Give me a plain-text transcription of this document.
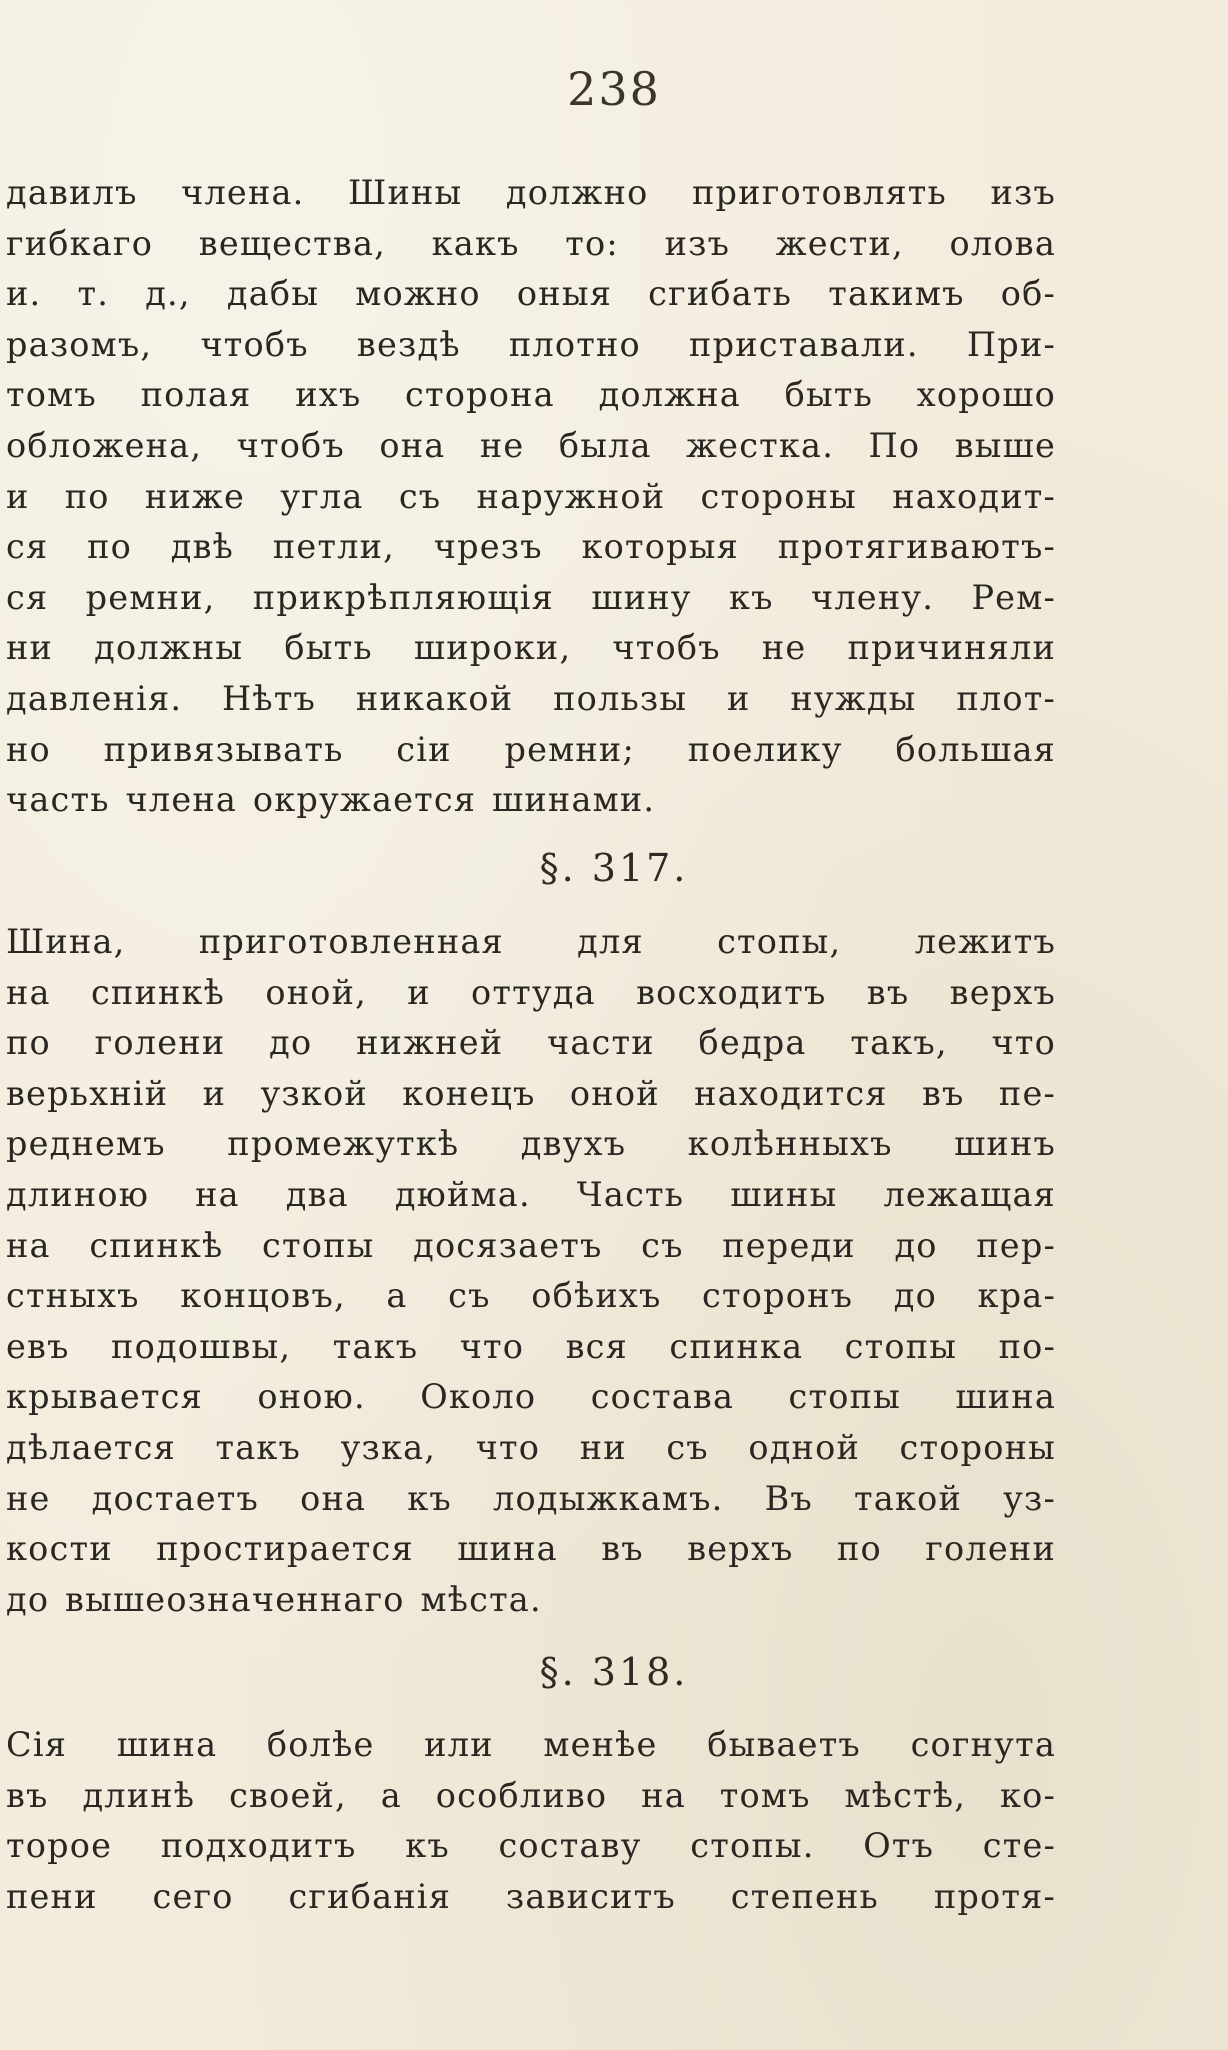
238
давилъ члена. Шины должно приготовлять изъ
гибкаго вещества, какъ то: изъ жести, олова
и. т. д., дабы можно оныя сгибать такимъ об-
разомъ, чтобъ вездѣ плотно приставали. При-
томъ полая ихъ сторона должна быть хорошо
обложена, чтобъ она не была жестка. По выше
и по ниже угла съ наружной стороны находит-
ся по двѣ петли, чрезъ которыя протягиваютъ-
ся ремни, прикрѣпляющія шину къ члену. Рем-
ни должны быть широки, чтобъ не причиняли
давленія. Нѣтъ никакой пользы и нужды плот-
но привязывать сіи ремни; поелику большая
часть члена окружается шинами.
§. 317.
Шина, приготовленная для стопы, лежитъ
на спинкѣ оной, и оттуда восходитъ въ верхъ
по голени до нижней части бедра такъ, что
верьхній и узкой конецъ оной находится въ пе-
реднемъ промежуткѣ двухъ колѣнныхъ шинъ
длиною на два дюйма. Часть шины лежащая
на спинкѣ стопы досязаетъ съ переди до пер-
стныхъ концовъ, а съ обѣихъ сторонъ до кра-
евъ подошвы, такъ что вся спинка стопы по-
крывается оною. Около состава стопы шина
дѣлается такъ узка, что ни съ одной стороны
не достаетъ она къ лодыжкамъ. Въ такой уз-
кости простирается шина въ верхъ по голени
до вышеозначеннаго мѣста.
§. 318.
Сія шина болѣе или менѣе бываетъ согнута
въ длинѣ своей, а особливо на томъ мѣстѣ, ко-
торое подходитъ къ составу стопы. Отъ сте-
пени сего сгибанія зависитъ степень протя-
